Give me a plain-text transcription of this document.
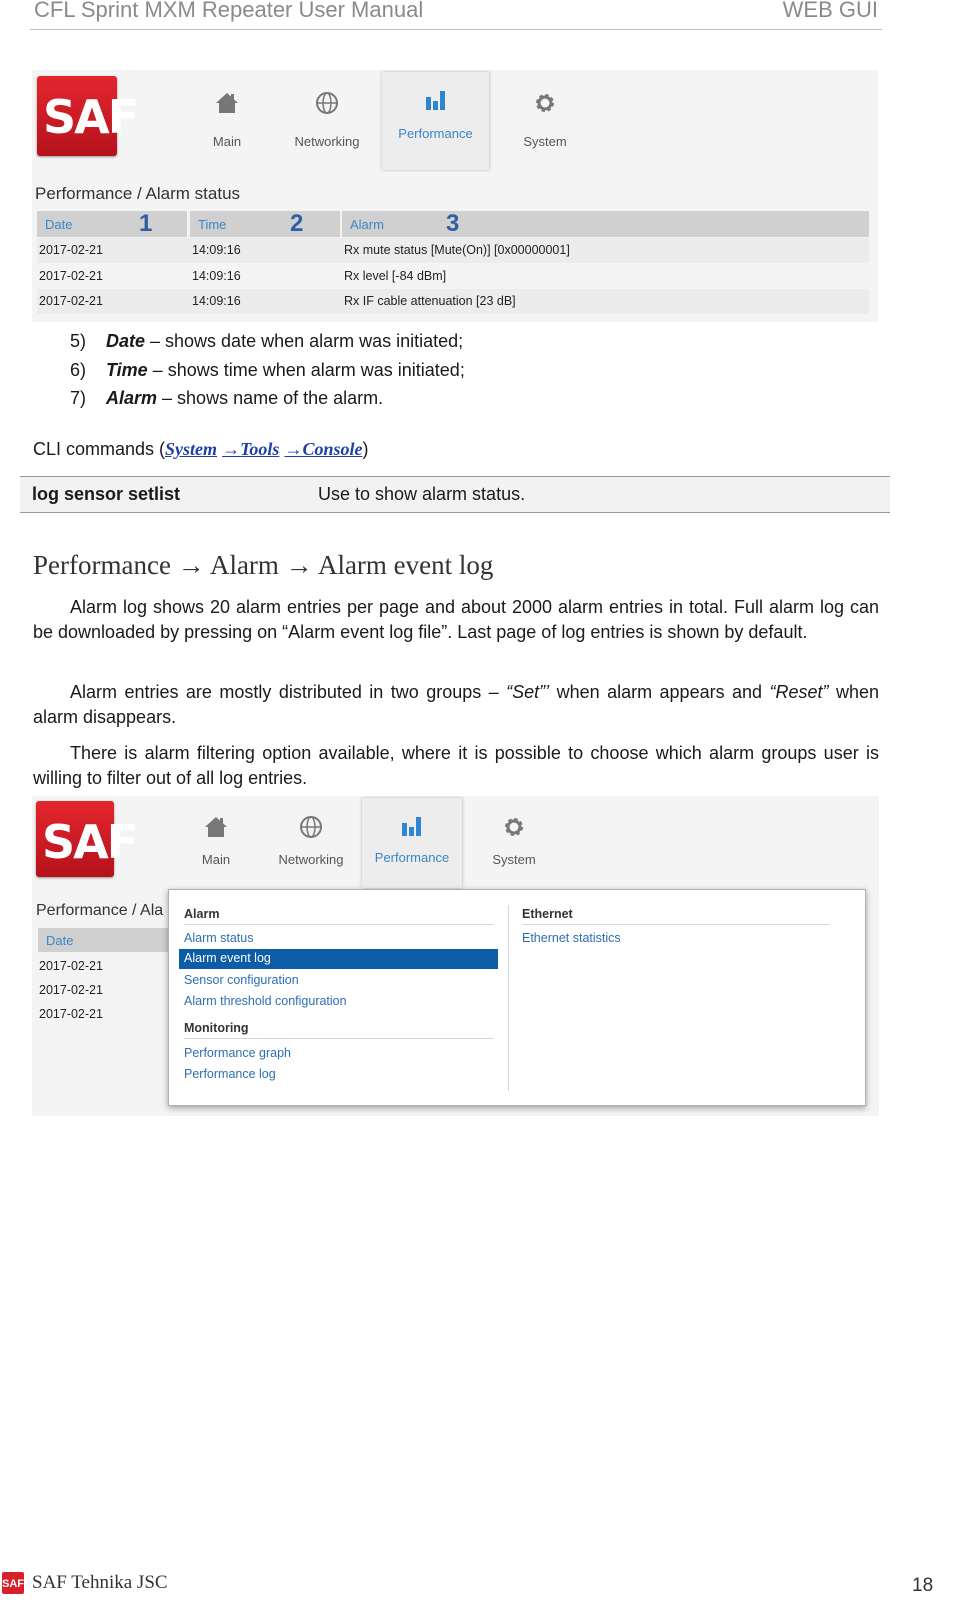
CFL Sprint MXM Repeater User Manual	WEB GUI
SAF	Main	Networking
Performance
System
Performance / Alarm status
Date	1	Time	2	Alarm	3
2017-02-21	14:09:16	Rx mute status [Mute(On)] [0x00000001]
2017-02-21	14:09:16	Rx level [-84 dBm]
2017-02-21	14:09:16	Rx IF cable attenuation [23 dB]
5) Date – shows date when alarm was initiated;
6) Time – shows time when alarm was initiated;
7) Alarm – shows name of the alarm.
CLI commands (System →Tools →Console)
log sensor setlist	Use to show alarm status.
Performance → Alarm → Alarm event log

Alarm log shows 20 alarm entries per page and about 2000 alarm entries in total. Full alarm log can be downloaded by pressing on “Alarm event log file”. Last page of log entries is shown by default.

Alarm entries are mostly distributed in two groups – “Set”’ when alarm appears and “Reset” when alarm disappears.

There is alarm filtering option available, where it is possible to choose which alarm groups user is willing to filter out of all log entries.

SAF	Main	Networking	Performance	System
Performance / Ala
Date
2017-02-21
2017-02-21
2017-02-21
Alarm
Alarm status
Alarm event log
Sensor configuration
Alarm threshold configuration
Monitoring
Performance graph
Performance log
Ethernet
Ethernet statistics
SAF SAF Tehnika JSC	18
